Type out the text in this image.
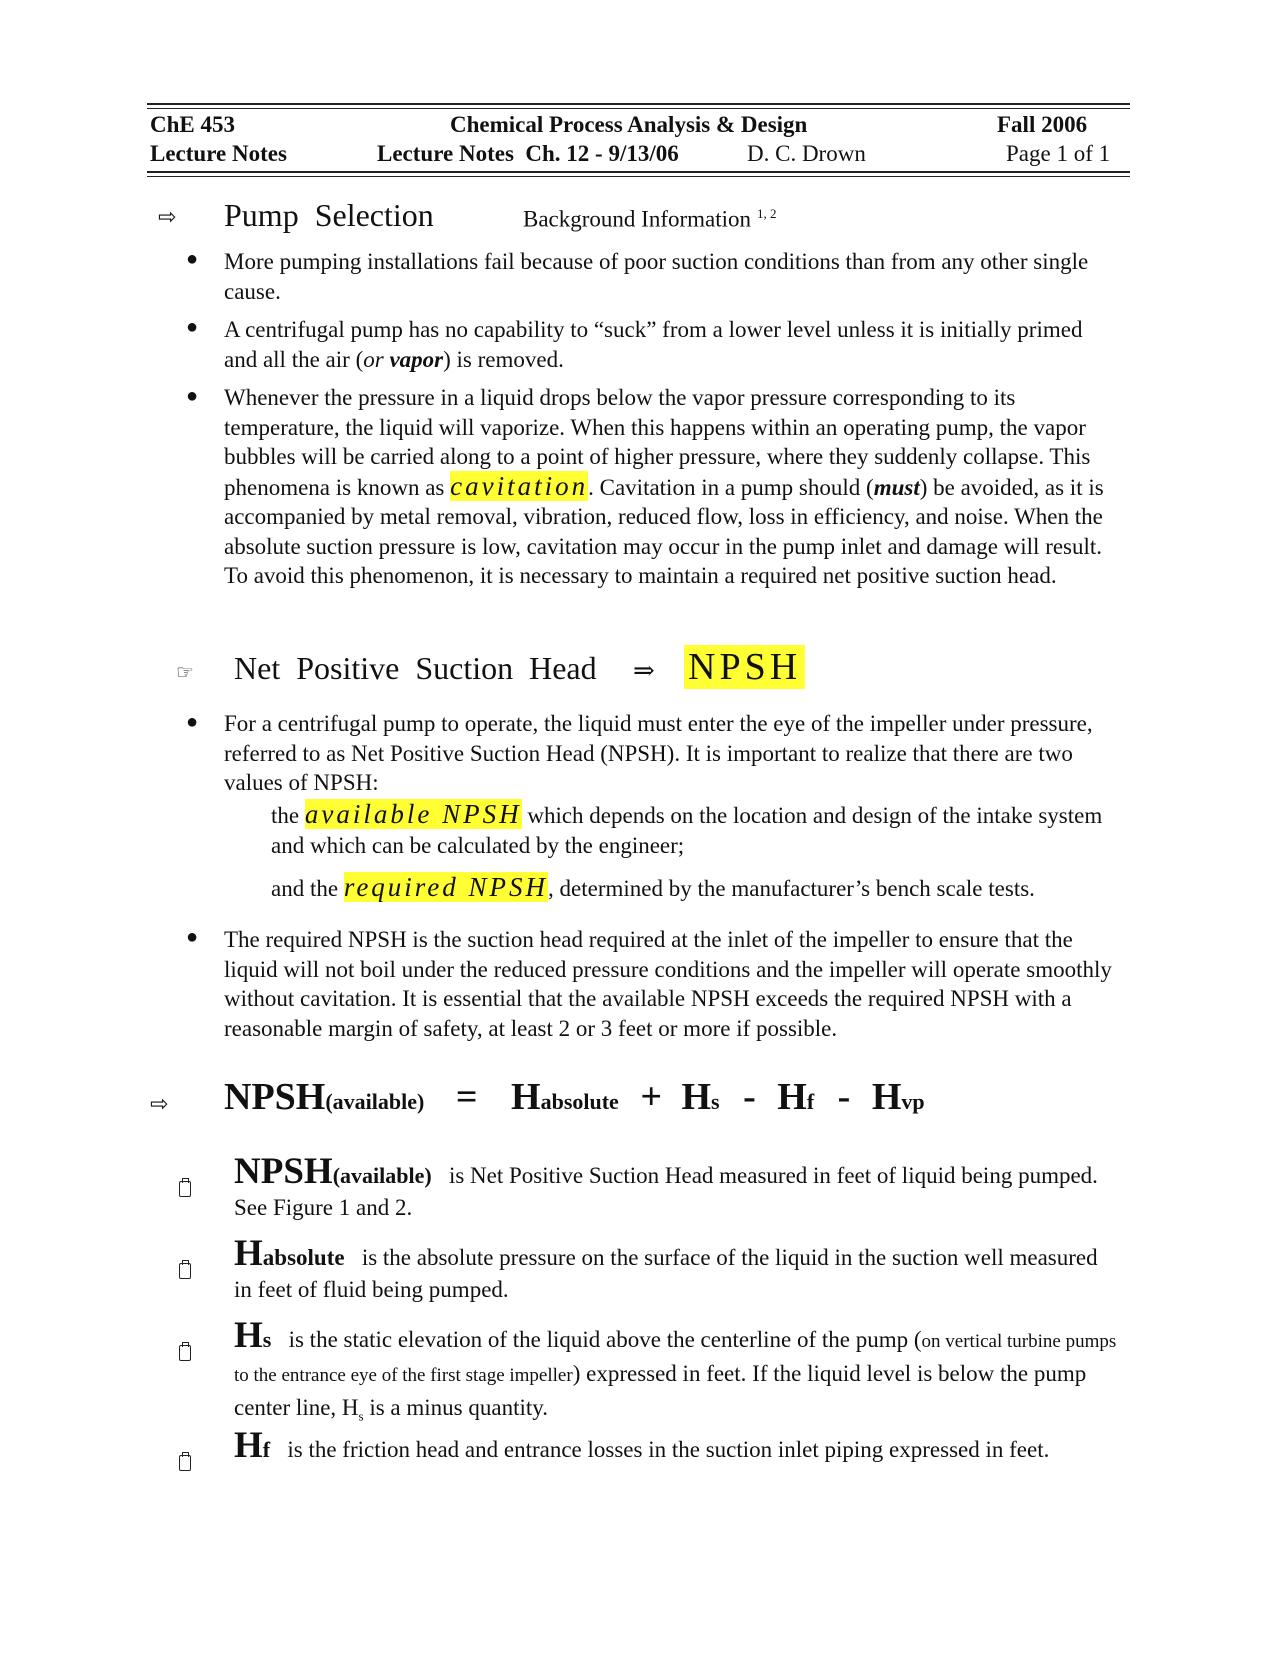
ChE 453	Chemical Process Analysis & Design	Fall 2006
Lecture Notes	Lecture Notes  Ch. 12 - 9/13/06	D. C. Drown	Page 1 of 1
⇨ Pump  Selection	Background Information $^{1, 2}$
● More pumping installations fail because of poor suction conditions than from any other single cause.
● A centrifugal pump has no capability to “suck” from a lower level unless it is initially primed and all the air (or vapor) is removed.
● Whenever the pressure in a liquid drops below the vapor pressure corresponding to its temperature, the liquid will vaporize. When this happens within an operating pump, the vapor bubbles will be carried along to a point of higher pressure, where they suddenly collapse. This phenomena is known as cavitation. Cavitation in a pump should (must) be avoided, as it is accompanied by metal removal, vibration, reduced flow, loss in efficiency, and noise. When the absolute suction pressure is low, cavitation may occur in the pump inlet and damage will result. To avoid this phenomenon, it is necessary to maintain a required net positive suction head.
☞ Net  Positive  Suction  Head ⇒ NPSH
● For a centrifugal pump to operate, the liquid must enter the eye of the impeller under pressure, referred to as Net Positive Suction Head (NPSH). It is important to realize that there are two values of NPSH:
the available NPSH which depends on the location and design of the intake system and which can be calculated by the engineer;
and the required NPSH, determined by the manufacturer’s bench scale tests.
● The required NPSH is the suction head required at the inlet of the impeller to ensure that the liquid will not boil under the reduced pressure conditions and the impeller will operate smoothly without cavitation. It is essential that the available NPSH exceeds the required NPSH with a reasonable margin of safety, at least 2 or 3 feet or more if possible.
⇨ NPSH(available) = Habsolute + Hs - Hf - Hvp
NPSH(available) is Net Positive Suction Head measured in feet of liquid being pumped. See Figure 1 and 2.
Habsolute is the absolute pressure on the surface of the liquid in the suction well measured in feet of fluid being pumped.
Hs is the static elevation of the liquid above the centerline of the pump (on vertical turbine pumps to the entrance eye of the first stage impeller) expressed in feet. If the liquid level is below the pump center line, $H_s$ is a minus quantity.
Hf is the friction head and entrance losses in the suction inlet piping expressed in feet.
